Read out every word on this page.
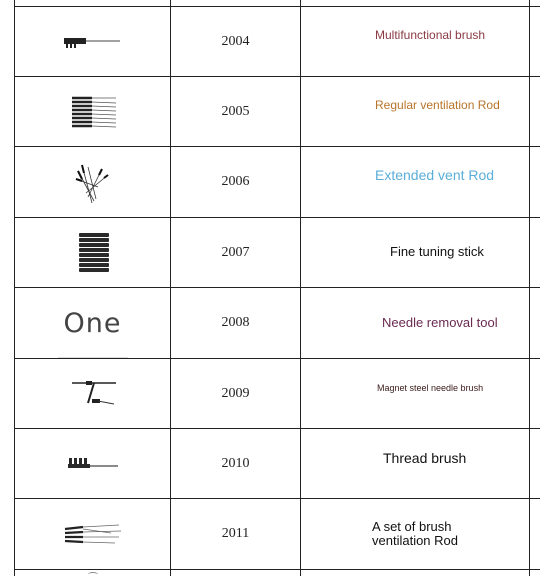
2004	Multifunctional brush
2005	Regular ventilation Rod
2006	Extended vent Rod
2007	Fine tuning stick
One	2008	Needle removal tool
2009	Magnet steel needle brush
2010	Thread brush
2011	A set of brush ventilation Rod
